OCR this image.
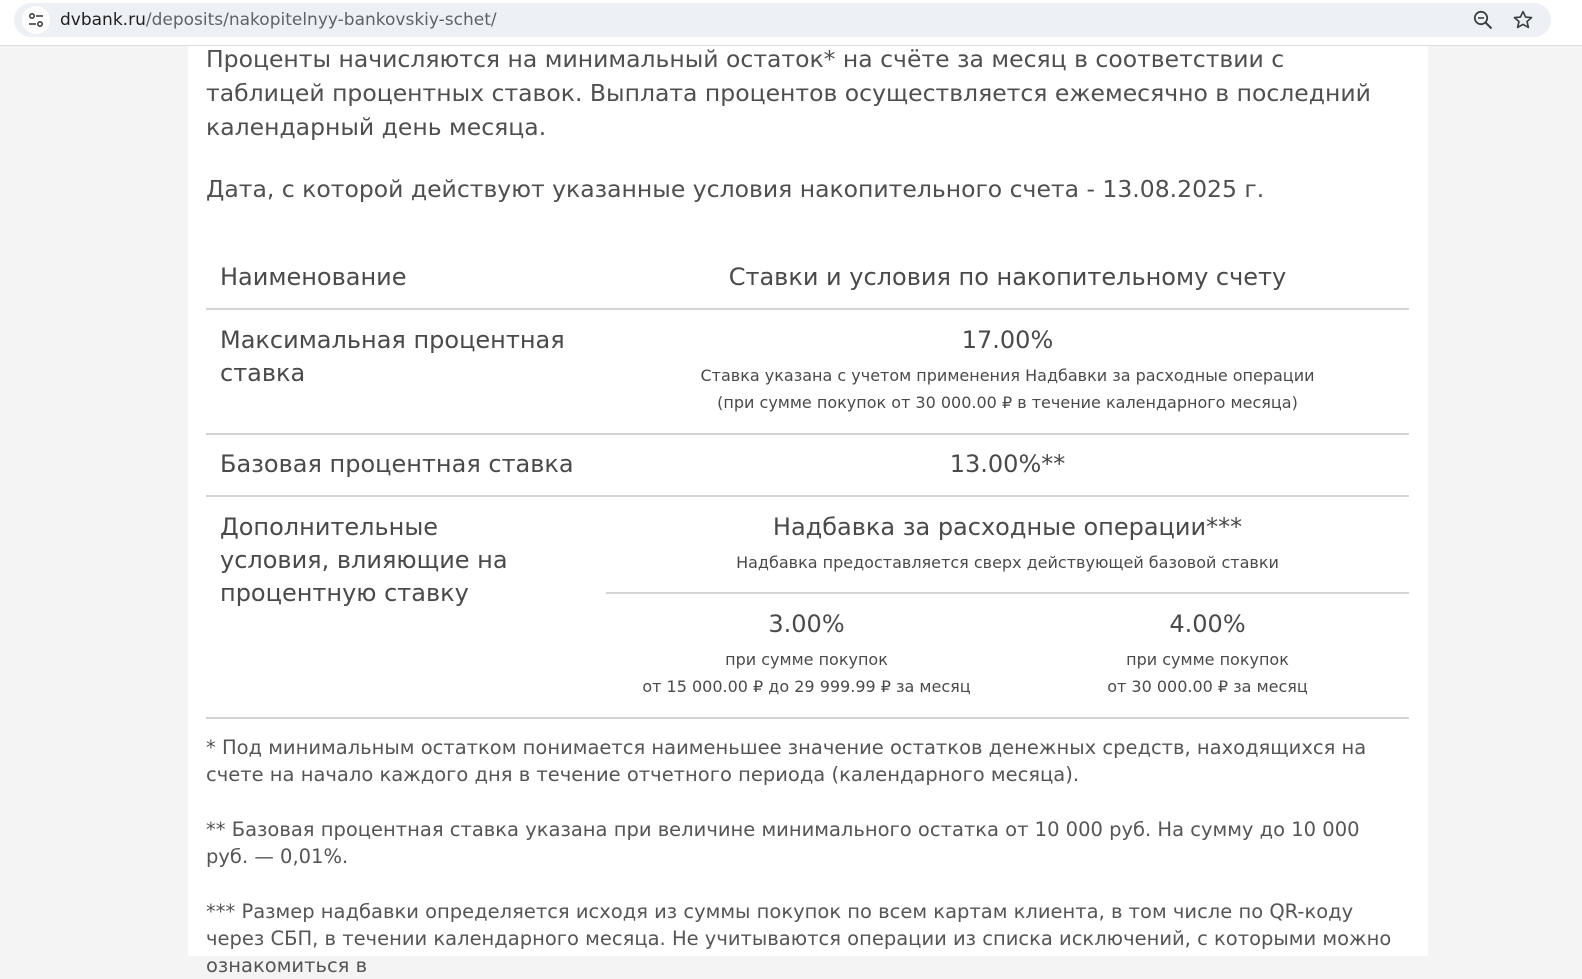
dvbank.ru/deposits/nakopitelnyy-bankovskiy-schet/

Проценты начисляются на минимальный остаток* на счёте за месяц в соответствии с таблицей процентных ставок. Выплата процентов осуществляется ежемесячно в последний календарный день месяца.

Дата, с которой действуют указанные условия накопительного счета - 13.08.2025 г.

Наименование	Ставки и условия по накопительному счету
Максимальная процентная ставка
17.00%
Ставка указана с учетом применения Надбавки за расходные операции
(при сумме покупок от 30 000.00 ₽ в течение календарного месяца)
Базовая процентная ставка	13.00%**
Дополнительные условия, влияющие на процентную ставку
Надбавка за расходные операции***
Надбавка предоставляется сверх действующей базовой ставки
3.00%
при сумме покупок
от 15 000.00 ₽ до 29 999.99 ₽ за месяц
4.00%
при сумме покупок
от 30 000.00 ₽ за месяц

* Под минимальным остатком понимается наименьшее значение остатков денежных средств, находящихся на счете на начало каждого дня в течение отчетного периода (календарного месяца).

** Базовая процентная ставка указана при величине минимального остатка от 10 000 руб. На сумму до 10 000 руб. — 0,01%.

*** Размер надбавки определяется исходя из суммы покупок по всем картам клиента, в том числе по QR-коду через СБП, в течении календарного месяца. Не учитываются операции из списка исключений, с которыми можно ознакомиться в
